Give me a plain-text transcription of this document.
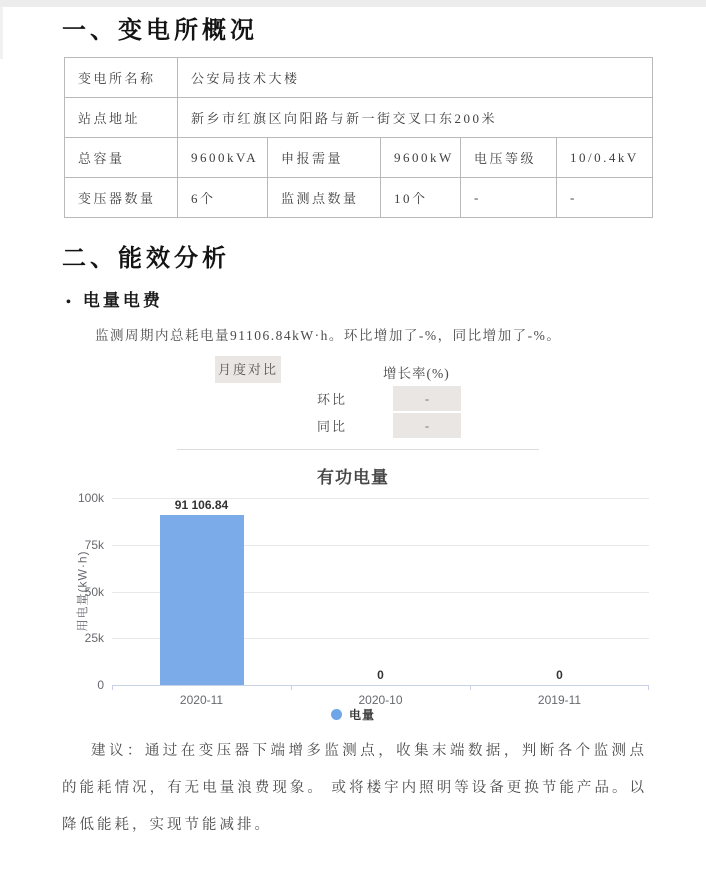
一、变电所概况
变电所名称	公安局技术大楼				
站点地址	新乡市红旗区向阳路与新一街交叉口东200米				
总容量	9600kVA	申报需量	9600kW	电压等级	10/0.4kV
变压器数量	6个	监测点数量	10个	-	-
二、能效分析
• 电量电费
监测周期内总耗电量91106.84kW·h。环比增加了-%，同比增加了-%。
月度对比	增长率(%)
环比	-
同比	-
有功电量
用电量(kW·h)
91 106.84
0	0
电量
100k
75k
50k
25k
0
2020-11	2020-10	2019-11
建议：通过在变压器下端增多监测点，收集末端数据，判断各个监测点的能耗情况，有无电量浪费现象。 或将楼宇内照明等设备更换节能产品。以降低能耗，实现节能减排。
